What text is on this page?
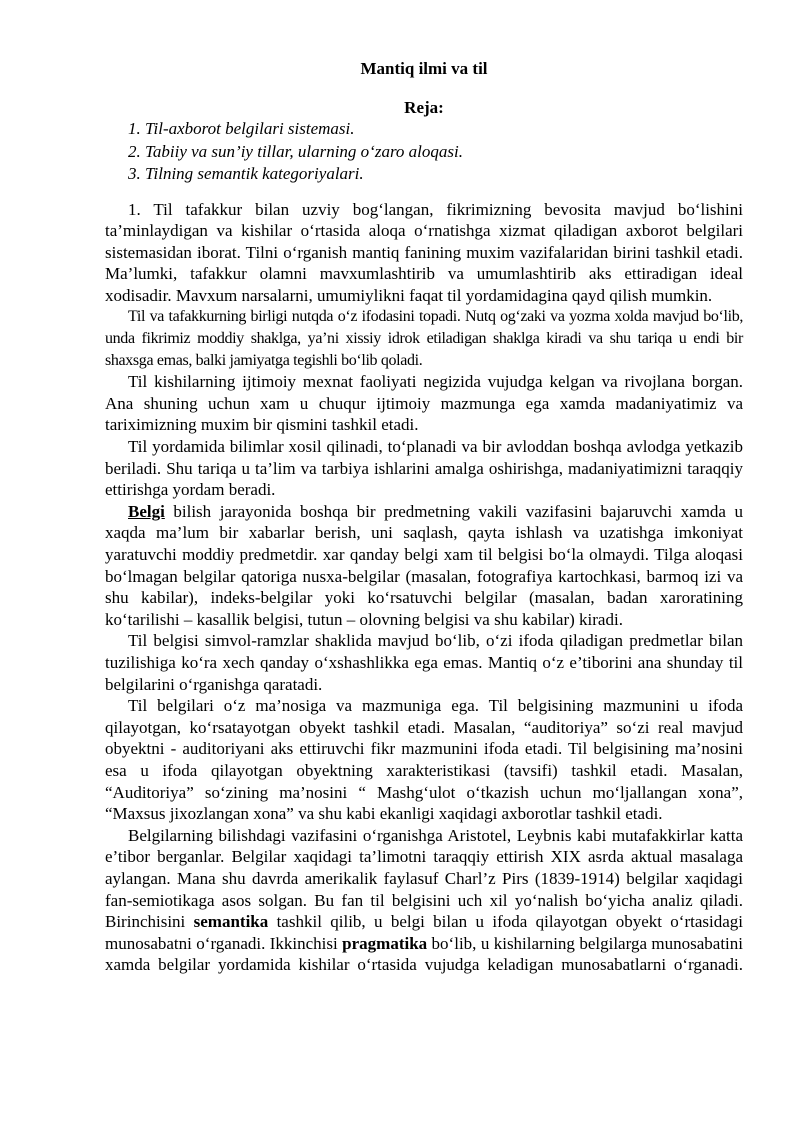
Mantiq ilmi va til
Reja:
1. Til-axborot belgilari sistemasi.
2. Tabiiy va sun’iy tillar, ularning o‘zaro aloqasi.
3. Tilning semantik kategoriyalari.

1. Til tafakkur bilan uzviy bog‘langan, fikrimizning bevosita mavjud bo‘lishini ta’minlaydigan va kishilar o‘rtasida aloqa o‘rnatishga xizmat qiladigan axborot belgilari sistemasidan iborat. Tilni o‘rganish mantiq fanining muxim vazifalaridan birini tashkil etadi. Ma’lumki, tafakkur olamni mavxumlashtirib va umumlashtirib aks ettiradigan ideal xodisadir. Mavxum narsalarni, umumiylikni faqat til yordamidagina qayd qilish mumkin.

Til va tafakkurning birligi nutqda o‘z ifodasini topadi. Nutq og‘zaki va yozma xolda mavjud bo‘lib, unda fikrimiz moddiy shaklga, ya’ni xissiy idrok etiladigan shaklga kiradi va shu tariqa u endi bir shaxsga emas, balki jamiyatga tegishli bo‘lib qoladi.

Til kishilarning ijtimoiy mexnat faoliyati negizida vujudga kelgan va rivojlana borgan. Ana shuning uchun xam u chuqur ijtimoiy mazmunga ega xamda madaniyatimiz va tariximizning muxim bir qismini tashkil etadi.

Til yordamida bilimlar xosil qilinadi, to‘planadi va bir avloddan boshqa avlodga yetkazib beriladi. Shu tariqa u ta’lim va tarbiya ishlarini amalga oshirishga, madaniyatimizni taraqqiy ettirishga yordam beradi.

Belgi bilish jarayonida boshqa bir predmetning vakili vazifasini bajaruvchi xamda u xaqda ma’lum bir xabarlar berish, uni saqlash, qayta ishlash va uzatishga imkoniyat yaratuvchi moddiy predmetdir. xar qanday belgi xam til belgisi bo‘la olmaydi. Tilga aloqasi bo‘lmagan belgilar qatoriga nusxa-belgilar (masalan, fotografiya kartochkasi, barmoq izi va shu kabilar), indeks-belgilar yoki ko‘rsatuvchi belgilar (masalan, badan xaroratining ko‘tarilishi – kasallik belgisi, tutun – olovning belgisi va shu kabilar) kiradi.

Til belgisi simvol-ramzlar shaklida mavjud bo‘lib, o‘zi ifoda qiladigan predmetlar bilan tuzilishiga ko‘ra xech qanday o‘xshashlikka ega emas. Mantiq o‘z e’tiborini ana shunday til belgilarini o‘rganishga qaratadi.

Til belgilari o‘z ma’nosiga va mazmuniga ega. Til belgisining mazmunini u ifoda qilayotgan, ko‘rsatayotgan obyekt tashkil etadi. Masalan, “auditoriya” so‘zi real mavjud obyektni - auditoriyani aks ettiruvchi fikr mazmunini ifoda etadi. Til belgisining ma’nosini esa u ifoda qilayotgan obyektning xarakteristikasi (tavsifi) tashkil etadi. Masalan, “Auditoriya” so‘zining ma’nosini “ Mashg‘ulot o‘tkazish uchun mo‘ljallangan xona”, “Maxsus jixozlangan xona” va shu kabi ekanligi xaqidagi axborotlar tashkil etadi.

Belgilarning bilishdagi vazifasini o‘rganishga Aristotel, Leybnis kabi mutafakkirlar katta e’tibor berganlar. Belgilar xaqidagi ta’limotni taraqqiy ettirish XIX asrda aktual masalaga aylangan. Mana shu davrda amerikalik faylasuf Charl’z Pirs (1839-1914) belgilar xaqidagi fan-semiotikaga asos solgan. Bu fan til belgisini uch xil yo‘nalish bo‘yicha analiz qiladi. Birinchisini semantika tashkil qilib, u belgi bilan u ifoda qilayotgan obyekt o‘rtasidagi munosabatni o‘rganadi. Ikkinchisi pragmatika bo‘lib, u kishilarning belgilarga munosabatini xamda belgilar yordamida kishilar o‘rtasida vujudga keladigan munosabatlarni o‘rganadi.
